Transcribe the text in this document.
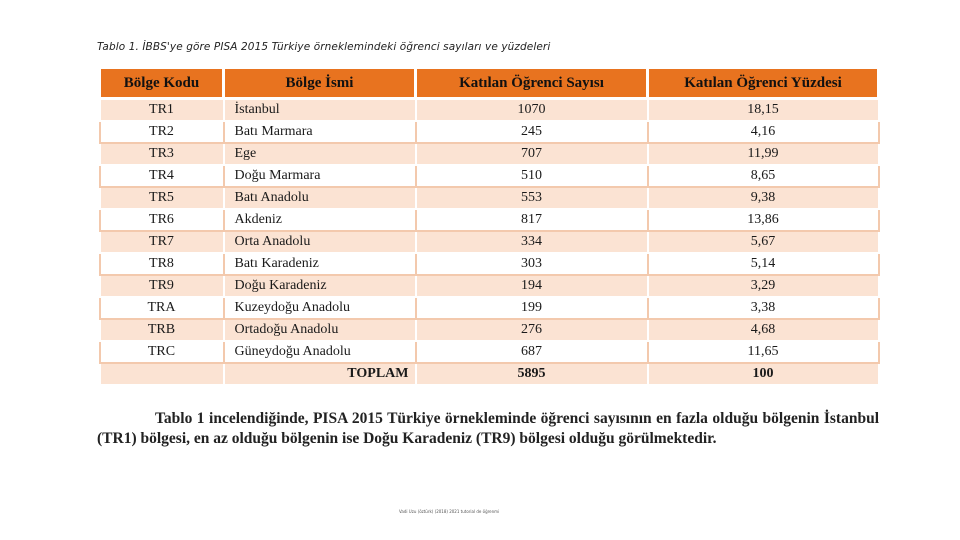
Tablo 1. İBBS'ye göre PISA 2015 Türkiye örneklemindeki öğrenci sayıları ve yüzdeleri
Bölge Kodu	Bölge İsmi	Katılan Öğrenci Sayısı	Katılan Öğrenci Yüzdesi
TR1	İstanbul	1070	18,15
TR2	Batı Marmara	245	4,16
TR3	Ege	707	11,99
TR4	Doğu Marmara	510	8,65
TR5	Batı Anadolu	553	9,38
TR6	Akdeniz	817	13,86
TR7	Orta Anadolu	334	5,67
TR8	Batı Karadeniz	303	5,14
TR9	Doğu Karadeniz	194	3,29
TRA	Kuzeydoğu Anadolu	199	3,38
TRB	Ortadoğu Anadolu	276	4,68
TRC	Güneydoğu Anadolu	687	11,65
	TOPLAM	5895	100
Tablo 1 incelendiğinde, PISA 2015 Türkiye örnekleminde öğrenci sayısının en fazla olduğu bölgenin İstanbul (TR1) bölgesi, en az olduğu bölgenin ise Doğu Karadeniz (TR9) bölgesi olduğu görülmektedir.
Vadi̇ Uzu (öztürk) (2018) 2021 tutorial de öğrenmi
